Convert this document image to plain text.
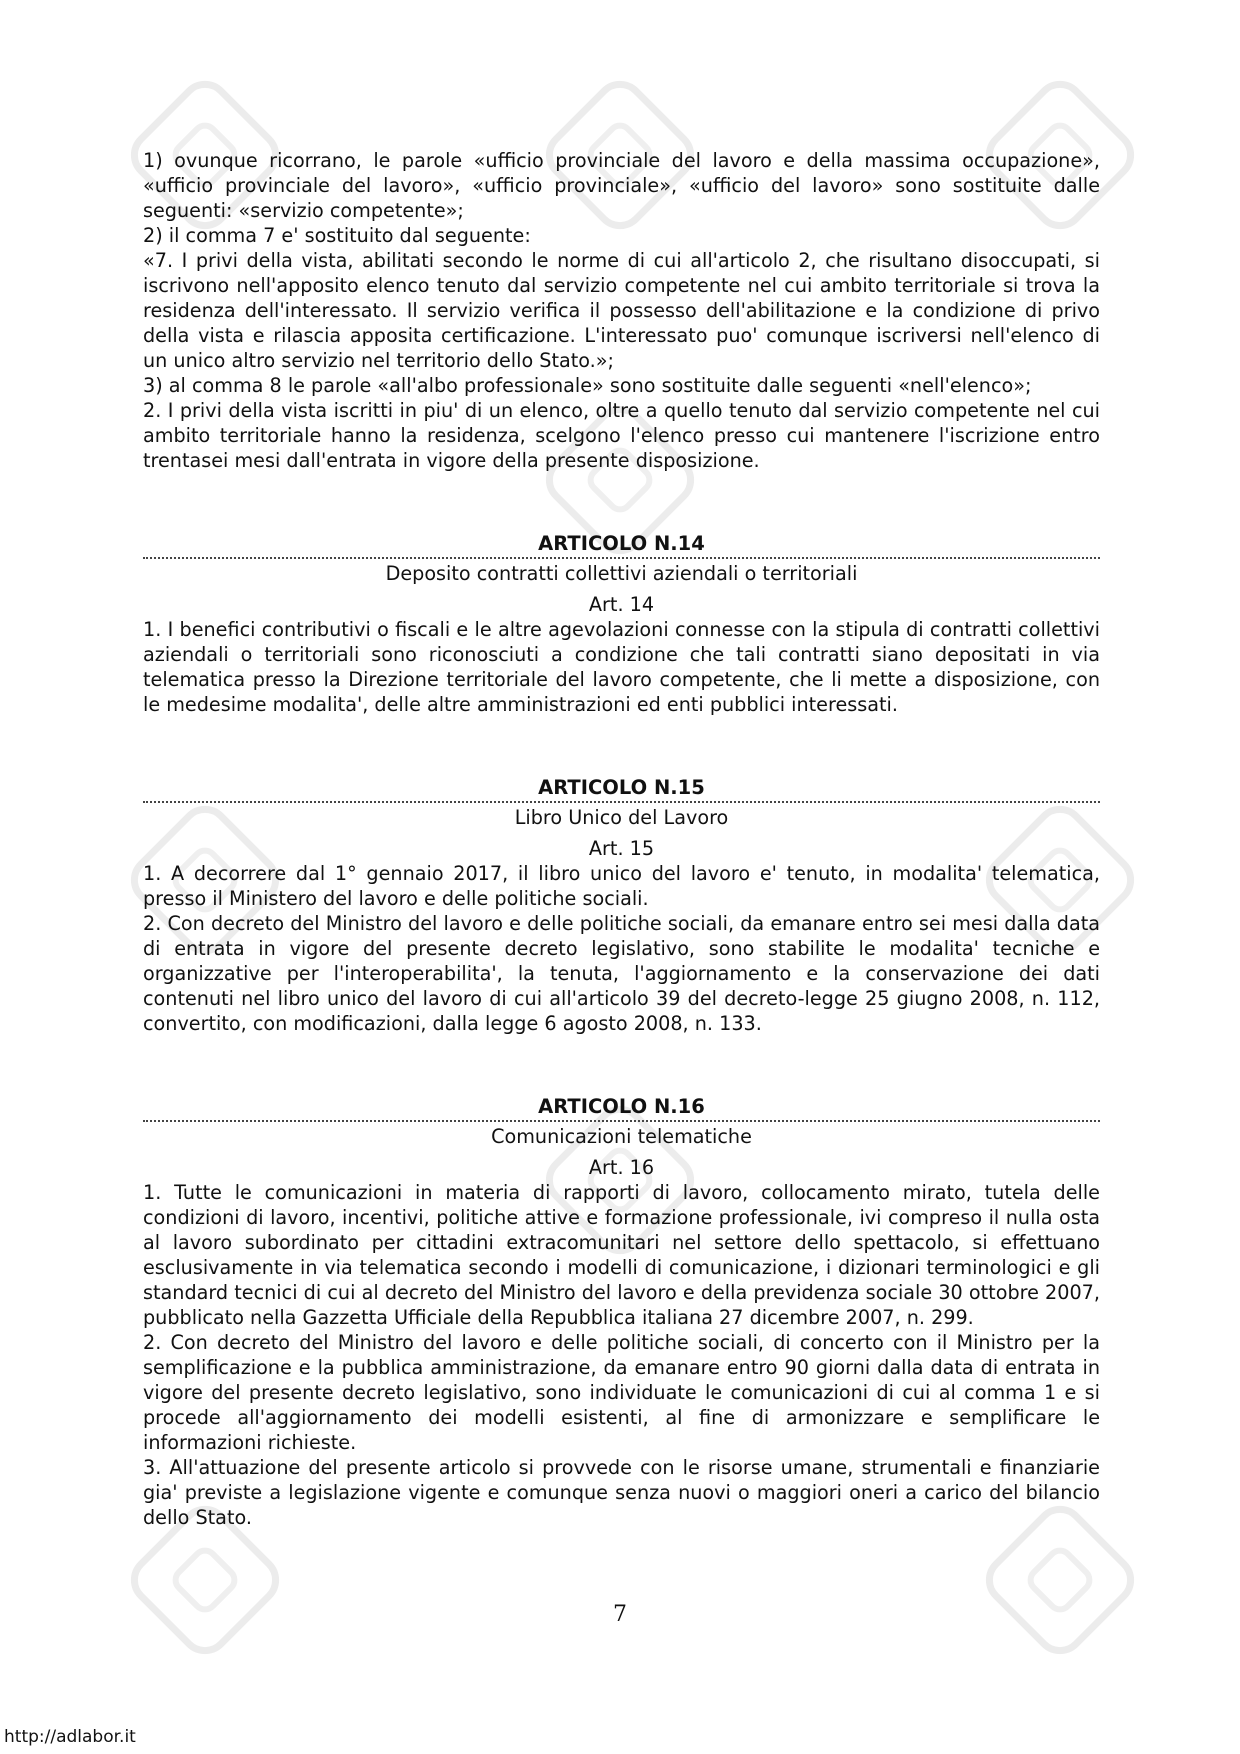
1) ovunque ricorrano, le parole «ufficio provinciale del lavoro e della massima occupazione», «ufficio provinciale del lavoro», «ufficio provinciale», «ufficio del lavoro» sono sostituite dalle seguenti: «servizio competente»;

2) il comma 7 e' sostituito dal seguente:

«7. I privi della vista, abilitati secondo le norme di cui all'articolo 2, che risultano disoccupati, si iscrivono nell'apposito elenco tenuto dal servizio competente nel cui ambito territoriale si trova la residenza dell'interessato. Il servizio verifica il possesso dell'abilitazione e la condizione di privo della vista e rilascia apposita certificazione. L'interessato puo' comunque iscriversi nell'elenco di un unico altro servizio nel territorio dello Stato.»;

3) al comma 8 le parole «all'albo professionale» sono sostituite dalle seguenti «nell'elenco»;

2. I privi della vista iscritti in piu' di un elenco, oltre a quello tenuto dal servizio competente nel cui ambito territoriale hanno la residenza, scelgono l'elenco presso cui mantenere l'iscrizione entro trentasei mesi dall'entrata in vigore della presente disposizione.

ARTICOLO N.14
Deposito contratti collettivi aziendali o territoriali
Art. 14

1. I benefici contributivi o fiscali e le altre agevolazioni connesse con la stipula di contratti collettivi aziendali o territoriali sono riconosciuti a condizione che tali contratti siano depositati in via telematica presso la Direzione territoriale del lavoro competente, che li mette a disposizione, con le medesime modalita', delle altre amministrazioni ed enti pubblici interessati.

ARTICOLO N.15
Libro Unico del Lavoro
Art. 15

1. A decorrere dal 1° gennaio 2017, il libro unico del lavoro e' tenuto, in modalita' telematica, presso il Ministero del lavoro e delle politiche sociali.

2. Con decreto del Ministro del lavoro e delle politiche sociali, da emanare entro sei mesi dalla data di entrata in vigore del presente decreto legislativo, sono stabilite le modalita' tecniche e organizzative per l'interoperabilita', la tenuta, l'aggiornamento e la conservazione dei dati contenuti nel libro unico del lavoro di cui all'articolo 39 del decreto-legge 25 giugno 2008, n. 112, convertito, con modificazioni, dalla legge 6 agosto 2008, n. 133.

ARTICOLO N.16
Comunicazioni telematiche
Art. 16

1. Tutte le comunicazioni in materia di rapporti di lavoro, collocamento mirato, tutela delle condizioni di lavoro, incentivi, politiche attive e formazione professionale, ivi compreso il nulla osta al lavoro subordinato per cittadini extracomunitari nel settore dello spettacolo, si effettuano esclusivamente in via telematica secondo i modelli di comunicazione, i dizionari terminologici e gli standard tecnici di cui al decreto del Ministro del lavoro e della previdenza sociale 30 ottobre 2007, pubblicato nella Gazzetta Ufficiale della Repubblica italiana 27 dicembre 2007, n. 299.

2. Con decreto del Ministro del lavoro e delle politiche sociali, di concerto con il Ministro per la semplificazione e la pubblica amministrazione, da emanare entro 90 giorni dalla data di entrata in vigore del presente decreto legislativo, sono individuate le comunicazioni di cui al comma 1 e si procede all'aggiornamento dei modelli esistenti, al fine di armonizzare e semplificare le informazioni richieste.

3. All'attuazione del presente articolo si provvede con le risorse umane, strumentali e finanziarie gia' previste a legislazione vigente e comunque senza nuovi o maggiori oneri a carico del bilancio dello Stato.

7
http://adlabor.it
